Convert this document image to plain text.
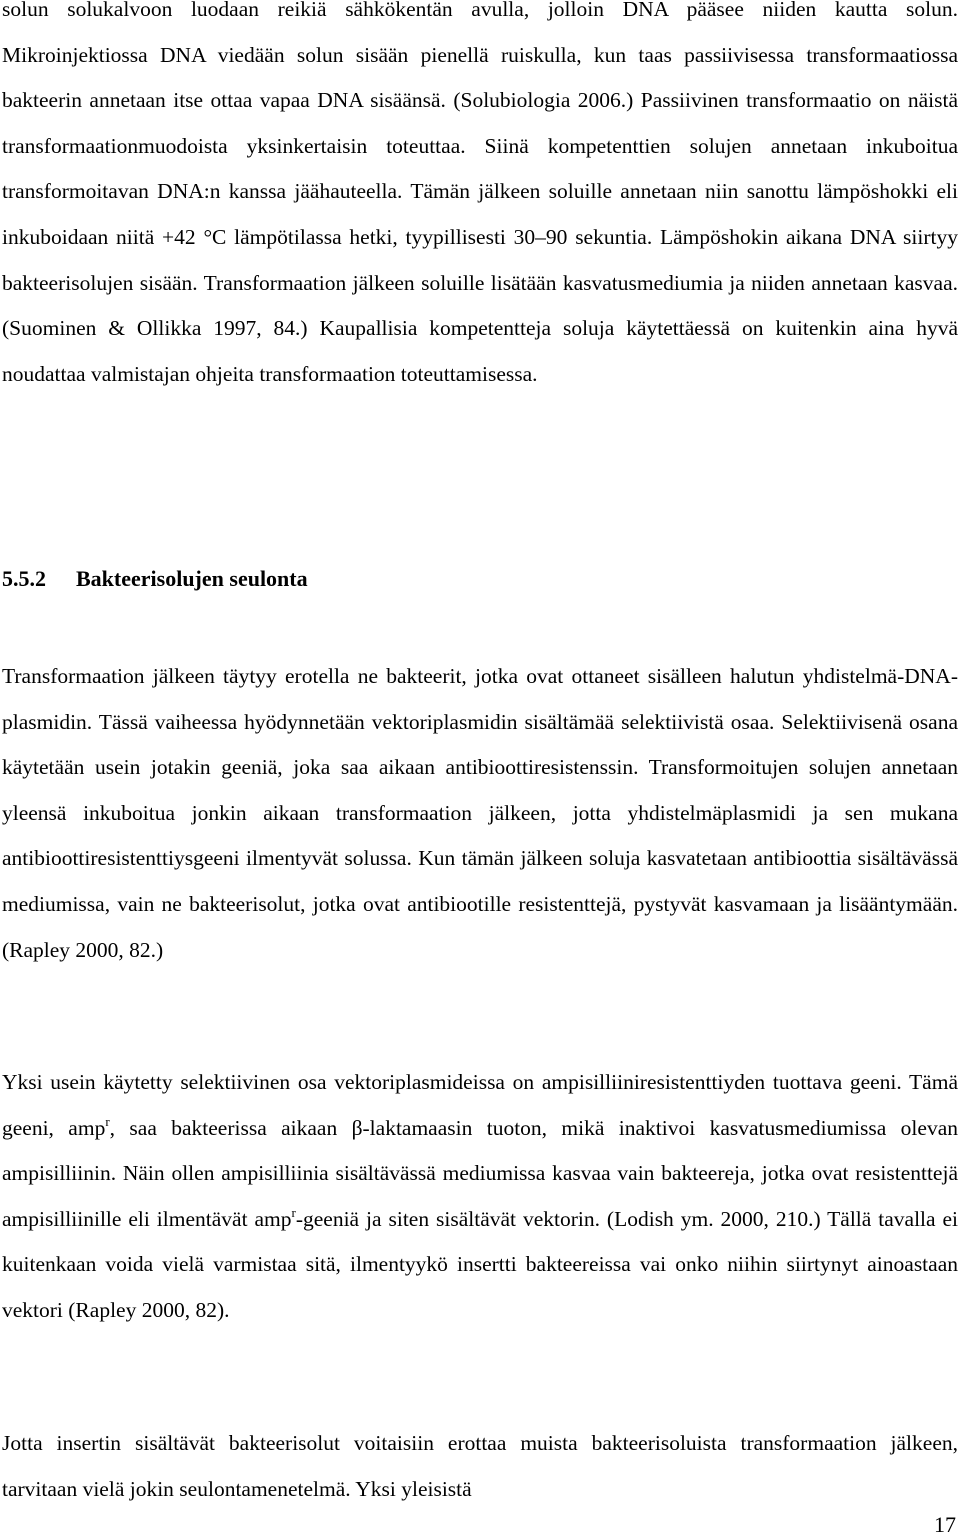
solun solukalvoon luodaan reikiä sähkökentän avulla, jolloin DNA pääsee niiden kautta solun. Mikroinjektiossa DNA viedään solun sisään pienellä ruiskulla, kun taas passiivisessa transformaatiossa bakteerin annetaan itse ottaa vapaa DNA sisäänsä. (Solubiologia 2006.) Passiivinen transformaatio on näistä transformaationmuodoista yksinkertaisin toteuttaa. Siinä kompetenttien solujen annetaan inkuboitua transformoitavan DNA:n kanssa jäähauteella. Tämän jälkeen soluille annetaan niin sanottu lämpöshokki eli inkuboidaan niitä +42 °C lämpötilassa hetki, tyypillisesti 30–90 sekuntia. Lämpöshokin aikana DNA siirtyy bakteerisolujen sisään. Transformaation jälkeen soluille lisätään kasvatusmediumia ja niiden annetaan kasvaa. (Suominen & Ollikka 1997, 84.) Kaupallisia kompetentteja soluja käytettäessä on kuitenkin aina hyvä noudattaa valmistajan ohjeita transformaation toteuttamisessa.

5.5.2 Bakteerisolujen seulonta

Transformaation jälkeen täytyy erotella ne bakteerit, jotka ovat ottaneet sisälleen halutun yhdistelmä-DNA-plasmidin. Tässä vaiheessa hyödynnetään vektoriplasmidin sisältämää selektiivistä osaa. Selektiivisenä osana käytetään usein jotakin geeniä, joka saa aikaan antibioottiresistenssin. Transformoitujen solujen annetaan yleensä inkuboitua jonkin aikaan transformaation jälkeen, jotta yhdistelmäplasmidi ja sen mukana antibioottiresistenttiysgeeni ilmentyvät solussa. Kun tämän jälkeen soluja kasvatetaan antibioottia sisältävässä mediumissa, vain ne bakteerisolut, jotka ovat antibiootille resistenttejä, pystyvät kasvamaan ja lisääntymään. (Rapley 2000, 82.)

Yksi usein käytetty selektiivinen osa vektoriplasmideissa on ampisilliiniresistenttiyden tuottava geeni. Tämä geeni, amp$^r$, saa bakteerissa aikaan β-laktamaasin tuoton, mikä inaktivoi kasvatusmediumissa olevan ampisilliinin. Näin ollen ampisilliinia sisältävässä mediumissa kasvaa vain bakteereja, jotka ovat resistenttejä ampisilliinille eli ilmentävät amp$^r$-geeniä ja siten sisältävät vektorin. (Lodish ym. 2000, 210.) Tällä tavalla ei kuitenkaan voida vielä varmistaa sitä, ilmentyykö insertti bakteereissa vai onko niihin siirtynyt ainoastaan vektori (Rapley 2000, 82).

Jotta insertin sisältävät bakteerisolut voitaisiin erottaa muista bakteerisoluista transformaation jälkeen, tarvitaan vielä jokin seulontamenetelmä. Yksi yleisistä

17
